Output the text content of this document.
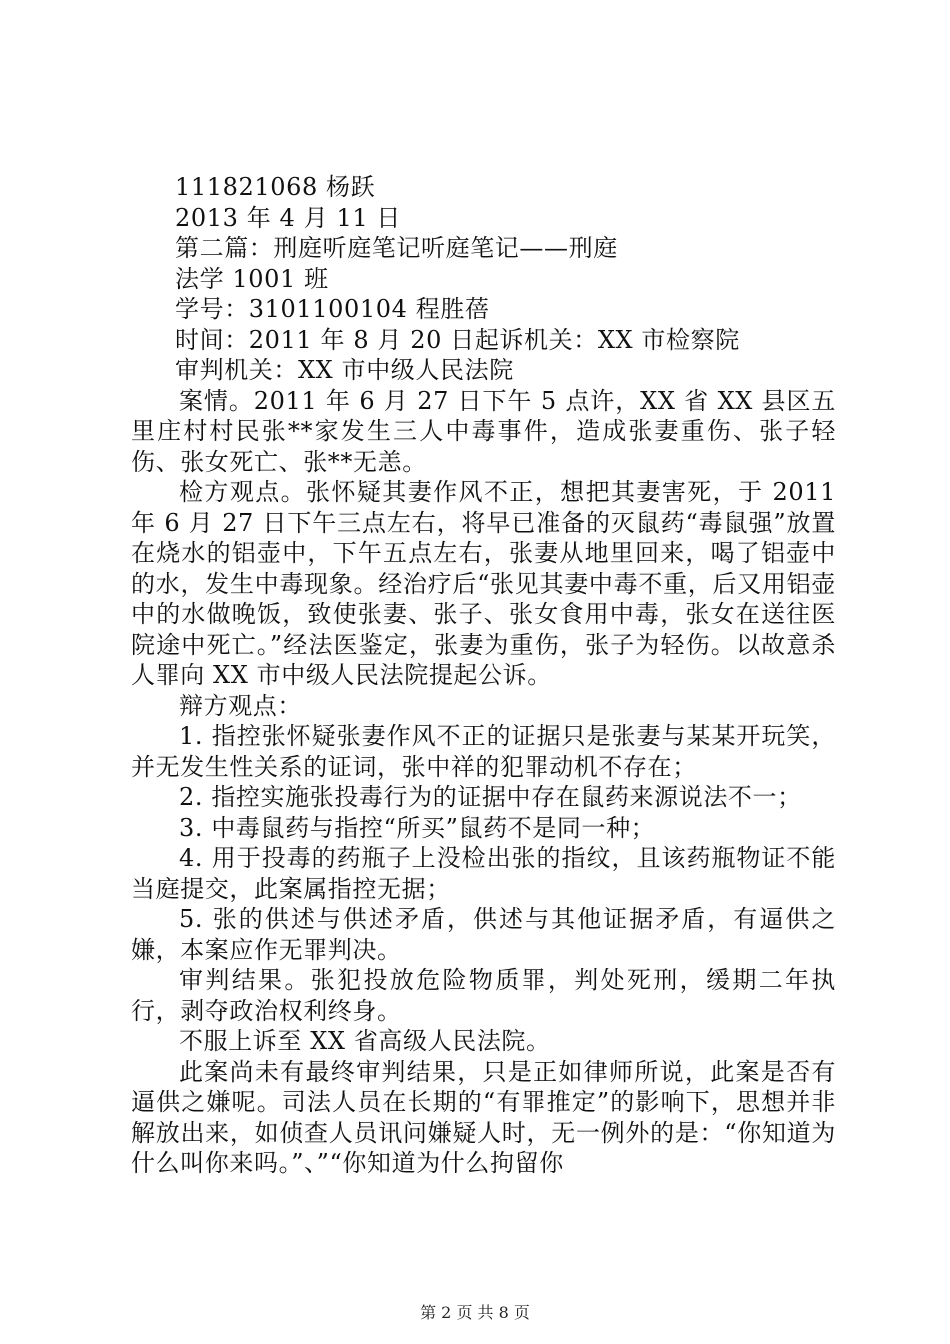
111821068 杨跃
2013 年 4 月 11 日
第二篇：刑庭听庭笔记听庭笔记——刑庭
法学 1001 班
学号：3101100104 程胜蓓
时间：2011 年 8 月 20 日起诉机关：XX 市检察院
审判机关：XX 市中级人民法院

案情。2011 年 6 月 27 日下午 5 点许，XX 省 XX 县区五里庄村村民张**家发生三人中毒事件，造成张妻重伤、张子轻伤、张女死亡、张**无恙。

检方观点。张怀疑其妻作风不正，想把其妻害死，于 2011 年 6 月 27 日下午三点左右，将早已准备的灭鼠药“毒鼠强”放置在烧水的铝壶中，下午五点左右，张妻从地里回来，喝了铝壶中的水，发生中毒现象。经治疗后“张见其妻中毒不重，后又用铝壶中的水做晚饭，致使张妻、张子、张女食用中毒，张女在送往医院途中死亡。”经法医鉴定，张妻为重伤，张子为轻伤。以故意杀人罪向 XX 市中级人民法院提起公诉。

辩方观点：

1. 指控张怀疑张妻作风不正的证据只是张妻与某某开玩笑，并无发生性关系的证词，张中祥的犯罪动机不存在；

2. 指控实施张投毒行为的证据中存在鼠药来源说法不一；

3. 中毒鼠药与指控“所买”鼠药不是同一种；

4. 用于投毒的药瓶子上没检出张的指纹，且该药瓶物证不能当庭提交，此案属指控无据；

5. 张的供述与供述矛盾，供述与其他证据矛盾，有逼供之嫌，本案应作无罪判决。

审判结果。张犯投放危险物质罪，判处死刑，缓期二年执行，剥夺政治权利终身。

不服上诉至 XX 省高级人民法院。

此案尚未有最终审判结果，只是正如律师所说，此案是否有逼供之嫌呢。司法人员在长期的“有罪推定”的影响下，思想并非解放出来，如侦查人员讯问嫌疑人时，无一例外的是：“你知道为什么叫你来吗。”、”“你知道为什么拘留你

第 2 页 共 8 页
